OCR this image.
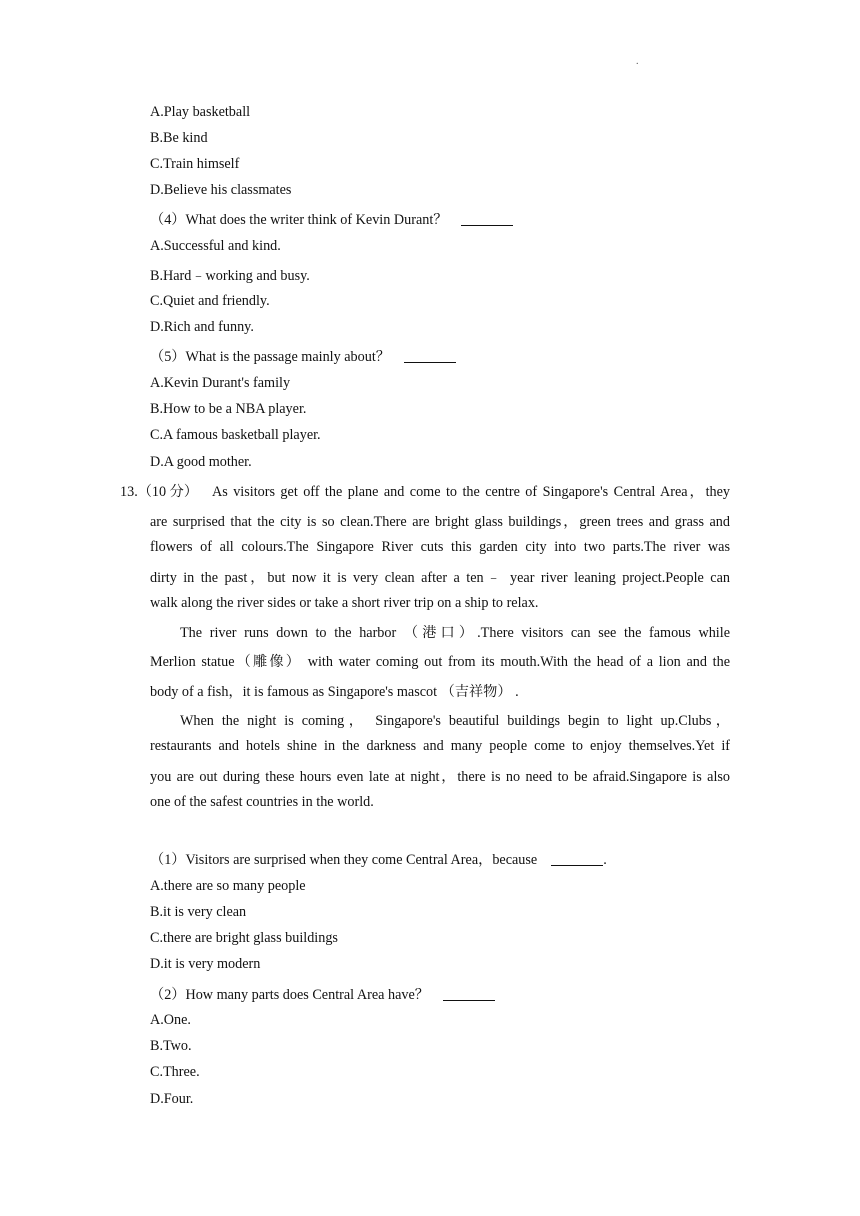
.
A.Play basketball
B.Be kind
C.Train himself
D.Believe his classmates
（4）What does the writer think of Kevin Durant？
A.Successful and kind.
B.Hard﹣working and busy.
C.Quiet and friendly.
D.Rich and funny.
（5）What is the passage mainly about？
A.Kevin Durant's family
B.How to be a NBA player.
C.A famous basketball player.
D.A good mother.
13.（10 分） As visitors get off the plane and come to the centre of Singapore's Central Area，they
are surprised that the city is so clean.There are bright glass buildings，green trees and grass and
flowers of all colours.The Singapore River cuts this garden city into two parts.The river was
dirty in the past，but now it is very clean after a ten﹣ year river leaning project.People can
walk along the river sides or take a short river trip on a ship to relax.
The river runs down to the harbor （港口）.There visitors can see the famous while
Merlion statue（雕像） with water coming out from its mouth.With the head of a lion and the
body of a fish，it is famous as Singapore's mascot （吉祥物） .
When the night is coming， Singapore's beautiful buildings begin to light up.Clubs，
restaurants and hotels shine in the darkness and many people come to enjoy themselves.Yet if
you are out during these hours even late at night，there is no need to be afraid.Singapore is also
one of the safest countries in the world.
（1）Visitors are surprised when they come Central Area，because	.
A.there are so many people
B.it is very clean
C.there are bright glass buildings
D.it is very modern
（2）How many parts does Central Area have？
A.One.
B.Two.
C.Three.
D.Four.
